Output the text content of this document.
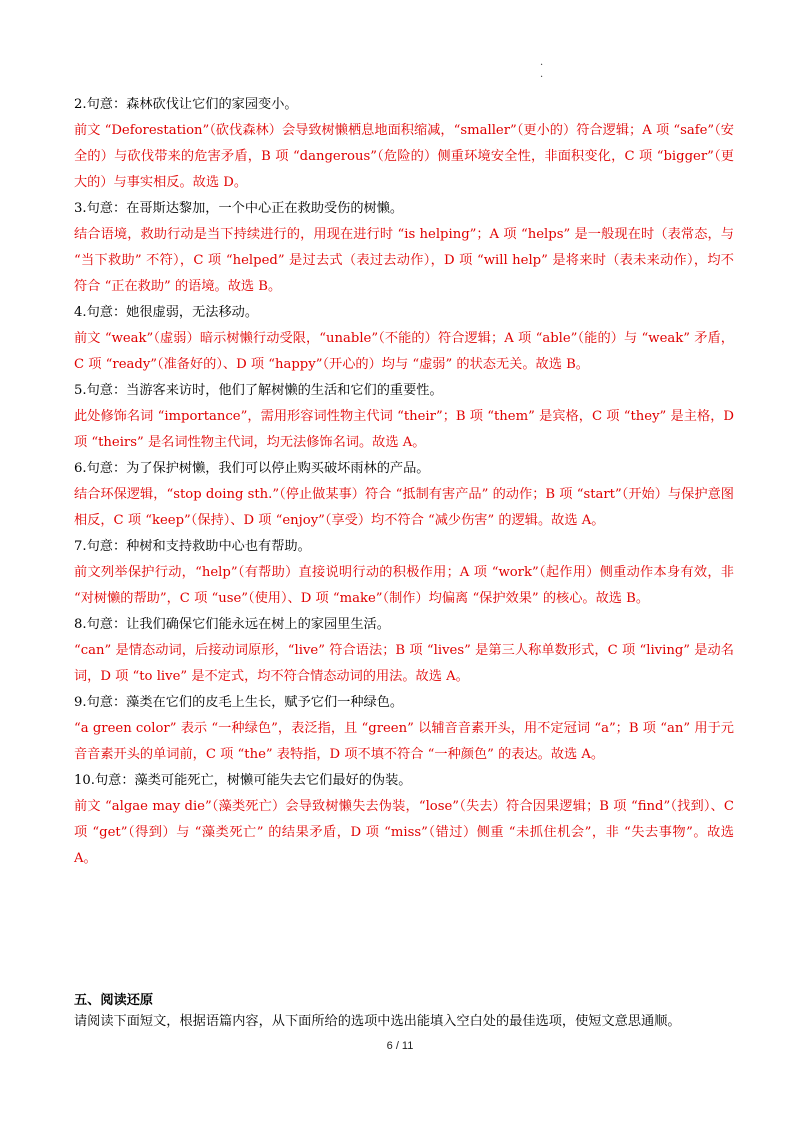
·
·
2.句意：森林砍伐让它们的家园变小。
前文 “Deforestation”（砍伐森林）会导致树懒栖息地面积缩减，“smaller”（更小的）符合逻辑；A 项 “safe”（安全的）与砍伐带来的危害矛盾，B 项 “dangerous”（危险的）侧重环境安全性，非面积变化，C 项 “bigger”（更大的）与事实相反。故选 D。
3.句意：在哥斯达黎加，一个中心正在救助受伤的树懒。
结合语境，救助行动是当下持续进行的，用现在进行时 “is helping”；A 项 “helps” 是一般现在时（表常态，与 “当下救助” 不符），C 项 “helped” 是过去式（表过去动作），D 项 “will help” 是将来时（表未来动作），均不符合 “正在救助” 的语境。故选 B。
4.句意：她很虚弱，无法移动。
前文 “weak”（虚弱）暗示树懒行动受限，“unable”（不能的）符合逻辑；A 项 “able”（能的）与 “weak” 矛盾，C 项 “ready”（准备好的）、D 项 “happy”（开心的）均与 “虚弱” 的状态无关。故选 B。
5.句意：当游客来访时，他们了解树懒的生活和它们的重要性。
此处修饰名词 “importance”，需用形容词性物主代词 “their”；B 项 “them” 是宾格，C 项 “they” 是主格，D 项 “theirs” 是名词性物主代词，均无法修饰名词。故选 A。
6.句意：为了保护树懒，我们可以停止购买破坏雨林的产品。
结合环保逻辑，“stop doing sth.”（停止做某事）符合 “抵制有害产品” 的动作；B 项 “start”（开始）与保护意图相反，C 项 “keep”（保持）、D 项 “enjoy”（享受）均不符合 “减少伤害” 的逻辑。故选 A。
7.句意：种树和支持救助中心也有帮助。
前文列举保护行动，“help”（有帮助）直接说明行动的积极作用；A 项 “work”（起作用）侧重动作本身有效，非 “对树懒的帮助”，C 项 “use”（使用）、D 项 “make”（制作）均偏离 “保护效果” 的核心。故选 B。
8.句意：让我们确保它们能永远在树上的家园里生活。
“can” 是情态动词，后接动词原形，“live” 符合语法；B 项 “lives” 是第三人称单数形式，C 项 “living” 是动名词，D 项 “to live” 是不定式，均不符合情态动词的用法。故选 A。
9.句意：藻类在它们的皮毛上生长，赋予它们一种绿色。
“a green color” 表示 “一种绿色”，表泛指，且 “green” 以辅音音素开头，用不定冠词 “a”；B 项 “an” 用于元音音素开头的单词前，C 项 “the” 表特指，D 项不填不符合 “一种颜色” 的表达。故选 A。
10.句意：藻类可能死亡，树懒可能失去它们最好的伪装。
前文 “algae may die”（藻类死亡）会导致树懒失去伪装，“lose”（失去）符合因果逻辑；B 项 “find”（找到）、C 项 “get”（得到）与 “藻类死亡” 的结果矛盾，D 项 “miss”（错过）侧重 “未抓住机会”，非 “失去事物”。故选 A。
五、阅读还原
请阅读下面短文，根据语篇内容，从下面所给的选项中选出能填入空白处的最佳选项，使短文意思通顺。
6 / 11
